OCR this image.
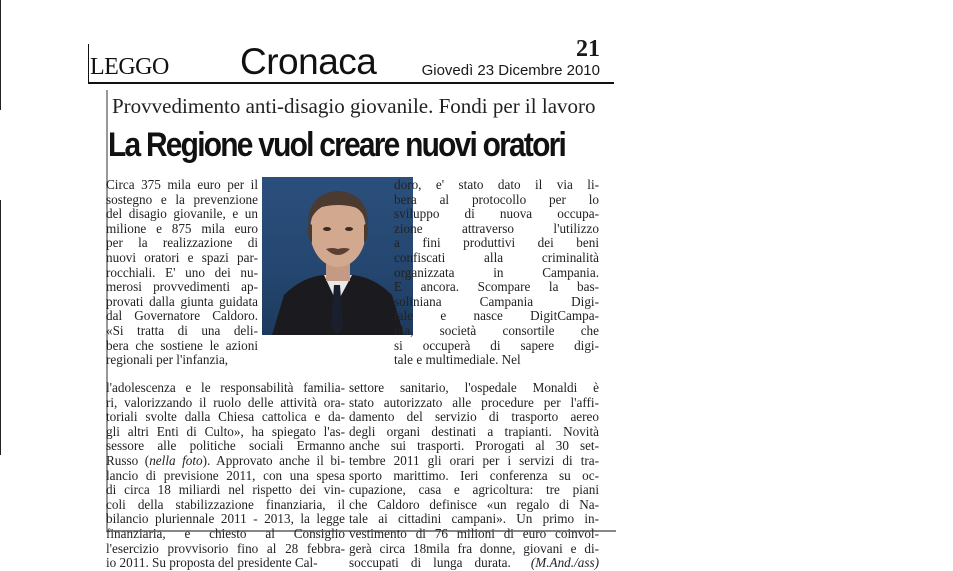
LEGGO Cronaca	21
Giovedì 23 Dicembre 2010
Provvedimento anti-disagio giovanile. Fondi per il lavoro
La Regione vuol creare nuovi oratori
Circa 375 mila euro per il
sostegno e la prevenzione
del disagio giovanile, e un
milione e 875 mila euro
per la realizzazione di
nuovi oratori e spazi par-
rocchiali. E' uno dei nu-
merosi provvedimenti ap-
provati dalla giunta guidata
dal Governatore Caldoro.
«Si tratta di una deli-
bera che sostiene le azioni
regionali per l'infanzia,
l'adolescenza e le responsabilità familia-
ri, valorizzando il ruolo delle attività ora-
toriali svolte dalla Chiesa cattolica e da-
gli altri Enti di Culto», ha spiegato l'as-
sessore alle politiche sociali Ermanno
Russo (nella foto). Approvato anche il bi-
lancio di previsione 2011, con una spesa
di circa 18 miliardi nel rispetto dei vin-
coli della stabilizzazione finanziaria, il
bilancio pluriennale 2011 - 2013, la legge
finanziaria, e chiesto al Consiglio
l'esercizio provvisorio fino al 28 febbra-
io 2011. Su proposta del presidente Cal-
doro, e' stato dato il via li-
bera al protocollo per lo
sviluppo di nuova occupa-
zione attraverso l'utilizzo
a fini produttivi dei beni
confiscati alla criminalità
organizzata in Campania.
E ancora. Scompare la bas-
soliniana Campania Digi-
tale e nasce DigitCampa-
nia, società consortile che
si occuperà di sapere digi-
tale e multimediale. Nel
settore sanitario, l'ospedale Monaldi è
stato autorizzato alle procedure per l'affi-
damento del servizio di trasporto aereo
degli organi destinati a trapianti. Novità
anche sui trasporti. Prorogati al 30 set-
tembre 2011 gli orari per i servizi di tra-
sporto marittimo. Ieri conferenza su oc-
cupazione, casa e agricoltura: tre piani
che Caldoro definisce «un regalo di Na-
tale ai cittadini campani». Un primo in-
vestimento di 76 milioni di euro coinvol-
gerà circa 18mila fra donne, giovani e di-
soccupati di lunga durata. (M.And./ass)
